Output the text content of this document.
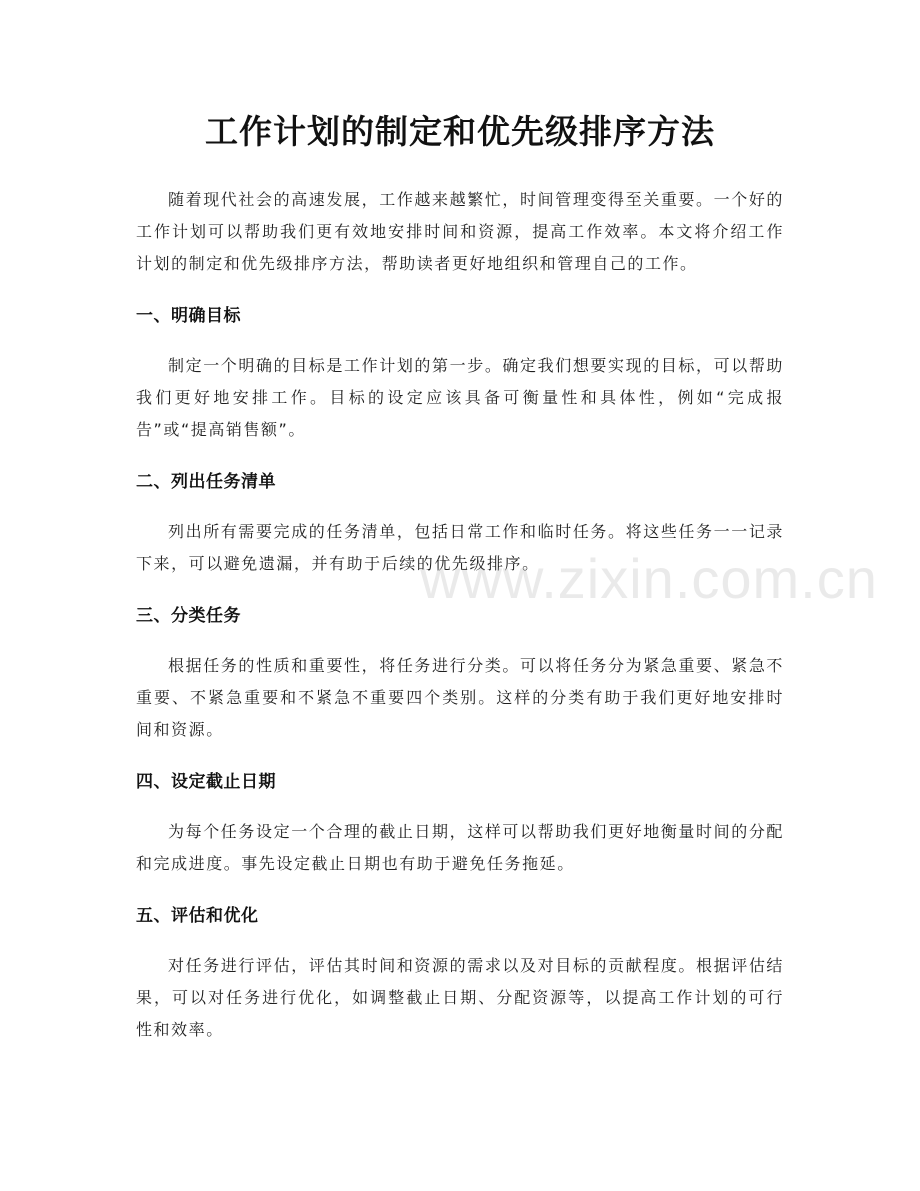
工作计划的制定和优先级排序方法

随着现代社会的高速发展，工作越来越繁忙，时间管理变得至关重要。一个好的工作计划可以帮助我们更有效地安排时间和资源，提高工作效率。本文将介绍工作计划的制定和优先级排序方法，帮助读者更好地组织和管理自己的工作。

一、明确目标

制定一个明确的目标是工作计划的第一步。确定我们想要实现的目标，可以帮助我们更好地安排工作。目标的设定应该具备可衡量性和具体性，例如“完成报告”或“提高销售额”。

二、列出任务清单

列出所有需要完成的任务清单，包括日常工作和临时任务。将这些任务一一记录下来，可以避免遗漏，并有助于后续的优先级排序。

三、分类任务

根据任务的性质和重要性，将任务进行分类。可以将任务分为紧急重要、紧急不重要、不紧急重要和不紧急不重要四个类别。这样的分类有助于我们更好地安排时间和资源。

四、设定截止日期

为每个任务设定一个合理的截止日期，这样可以帮助我们更好地衡量时间的分配和完成进度。事先设定截止日期也有助于避免任务拖延。

五、评估和优化

对任务进行评估，评估其时间和资源的需求以及对目标的贡献程度。根据评估结果，可以对任务进行优化，如调整截止日期、分配资源等，以提高工作计划的可行性和效率。

www.zixin.com.cn
